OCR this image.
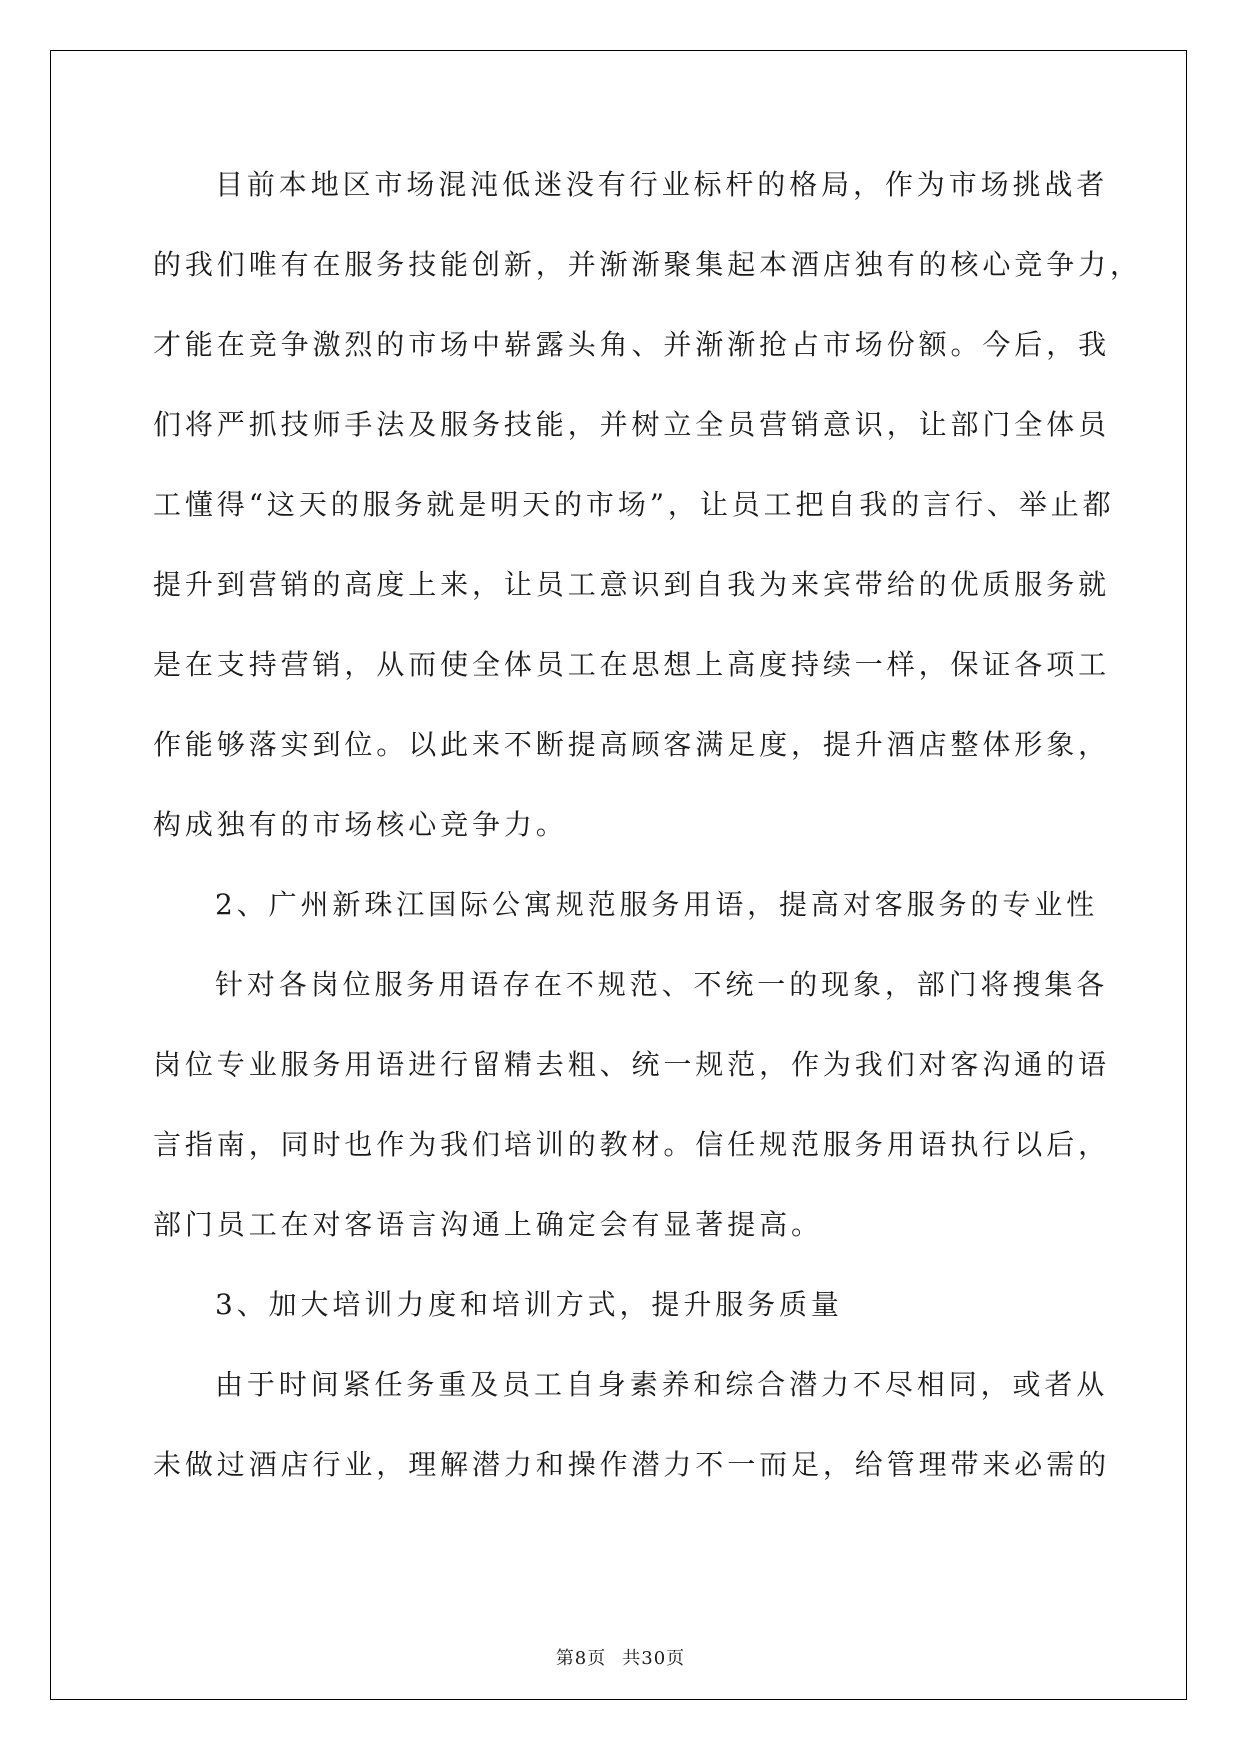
目前本地区市场混沌低迷没有行业标杆的格局，作为市场挑战者
的我们唯有在服务技能创新，并渐渐聚集起本酒店独有的核心竞争力，
才能在竞争激烈的市场中崭露头角、并渐渐抢占市场份额。今后，我
们将严抓技师手法及服务技能，并树立全员营销意识，让部门全体员
工懂得“这天的服务就是明天的市场”，让员工把自我的言行、举止都
提升到营销的高度上来，让员工意识到自我为来宾带给的优质服务就
是在支持营销，从而使全体员工在思想上高度持续一样，保证各项工
作能够落实到位。以此来不断提高顾客满足度，提升酒店整体形象，
构成独有的市场核心竞争力。
2、广州新珠江国际公寓规范服务用语，提高对客服务的专业性
针对各岗位服务用语存在不规范、不统一的现象，部门将搜集各
岗位专业服务用语进行留精去粗、统一规范，作为我们对客沟通的语
言指南，同时也作为我们培训的教材。信任规范服务用语执行以后，
部门员工在对客语言沟通上确定会有显著提高。
3、加大培训力度和培训方式，提升服务质量
由于时间紧任务重及员工自身素养和综合潜力不尽相同，或者从
未做过酒店行业，理解潜力和操作潜力不一而足，给管理带来必需的
第8页 共30页
